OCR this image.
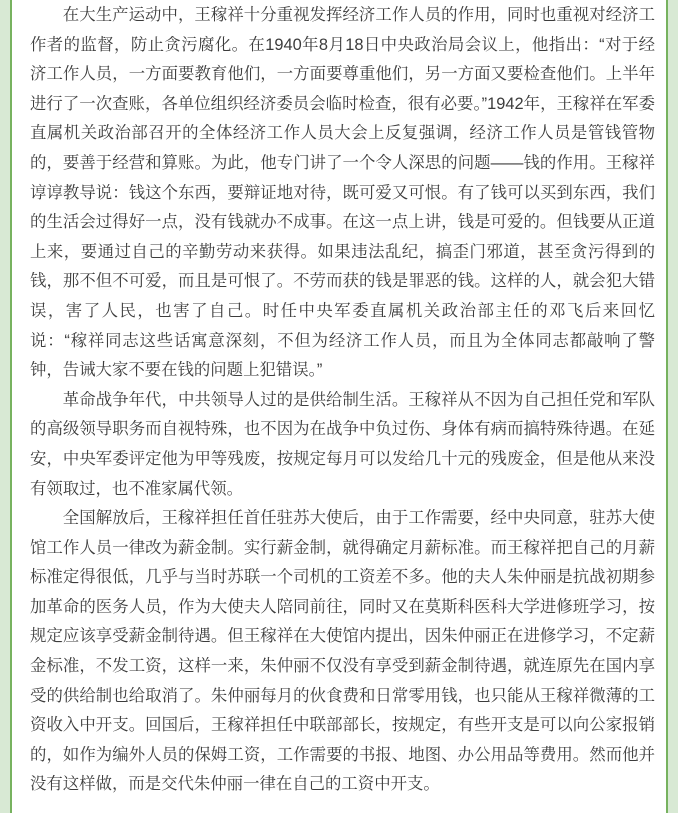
在大生产运动中，王稼祥十分重视发挥经济工作人员的作用，同时也重视对经济工作者的监督，防止贪污腐化。在1940年8月18日中央政治局会议上，他指出：“对于经济工作人员，一方面要教育他们，一方面要尊重他们，另一方面又要检查他们。上半年进行了一次查账，各单位组织经济委员会临时检查，很有必要。”1942年，王稼祥在军委直属机关政治部召开的全体经济工作人员大会上反复强调，经济工作人员是管钱管物的，要善于经营和算账。为此，他专门讲了一个令人深思的问题——钱的作用。王稼祥谆谆教导说：钱这个东西，要辩证地对待，既可爱又可恨。有了钱可以买到东西，我们的生活会过得好一点，没有钱就办不成事。在这一点上讲，钱是可爱的。但钱要从正道上来，要通过自己的辛勤劳动来获得。如果违法乱纪，搞歪门邪道，甚至贪污得到的钱，那不但不可爱，而且是可恨了。不劳而获的钱是罪恶的钱。这样的人，就会犯大错误，害了人民，也害了自己。时任中央军委直属机关政治部主任的邓飞后来回忆说：“稼祥同志这些话寓意深刻，不但为经济工作人员，而且为全体同志都敲响了警钟，告诫大家不要在钱的问题上犯错误。”

革命战争年代，中共领导人过的是供给制生活。王稼祥从不因为自己担任党和军队的高级领导职务而自视特殊，也不因为在战争中负过伤、身体有病而搞特殊待遇。在延安，中央军委评定他为甲等残废，按规定每月可以发给几十元的残废金，但是他从来没有领取过，也不准家属代领。

全国解放后，王稼祥担任首任驻苏大使后，由于工作需要，经中央同意，驻苏大使馆工作人员一律改为薪金制。实行薪金制，就得确定月薪标准。而王稼祥把自己的月薪标准定得很低，几乎与当时苏联一个司机的工资差不多。他的夫人朱仲丽是抗战初期参加革命的医务人员，作为大使夫人陪同前往，同时又在莫斯科医科大学进修班学习，按规定应该享受薪金制待遇。但王稼祥在大使馆内提出，因朱仲丽正在进修学习，不定薪金标准，不发工资，这样一来，朱仲丽不仅没有享受到薪金制待遇，就连原先在国内享受的供给制也给取消了。朱仲丽每月的伙食费和日常零用钱，也只能从王稼祥微薄的工资收入中开支。回国后，王稼祥担任中联部部长，按规定，有些开支是可以向公家报销的，如作为编外人员的保姆工资，工作需要的书报、地图、办公用品等费用。然而他并没有这样做，而是交代朱仲丽一律在自己的工资中开支。
